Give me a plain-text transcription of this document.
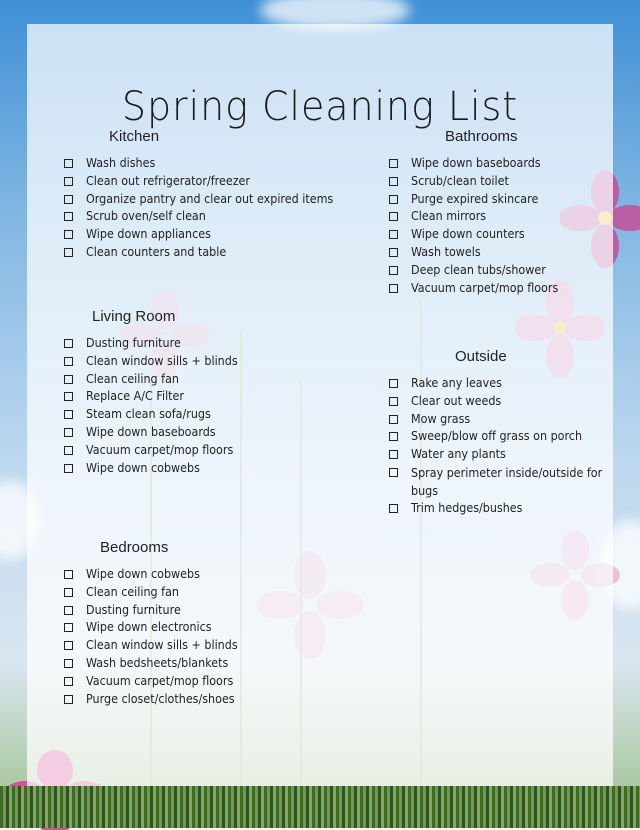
Spring Cleaning List
Kitchen
Wash dishes
Clean out refrigerator/freezer
Organize pantry and clear out expired items
Scrub oven/self clean
Wipe down appliances
Clean counters and table
Bathrooms
Wipe down baseboards
Scrub/clean toilet
Purge expired skincare
Clean mirrors
Wipe down counters
Wash towels
Deep clean tubs/shower
Vacuum carpet/mop floors
Living Room
Dusting furniture
Clean window sills + blinds
Clean ceiling fan
Replace A/C Filter
Steam clean sofa/rugs
Wipe down baseboards
Vacuum carpet/mop floors
Wipe down cobwebs
Outside
Rake any leaves
Clear out weeds
Mow grass
Sweep/blow off grass on porch
Water any plants
Spray perimeter inside/outside for bugs
Trim hedges/bushes
Bedrooms
Wipe down cobwebs
Clean ceiling fan
Dusting furniture
Wipe down electronics
Clean window sills + blinds
Wash bedsheets/blankets
Vacuum carpet/mop floors
Purge closet/clothes/shoes
